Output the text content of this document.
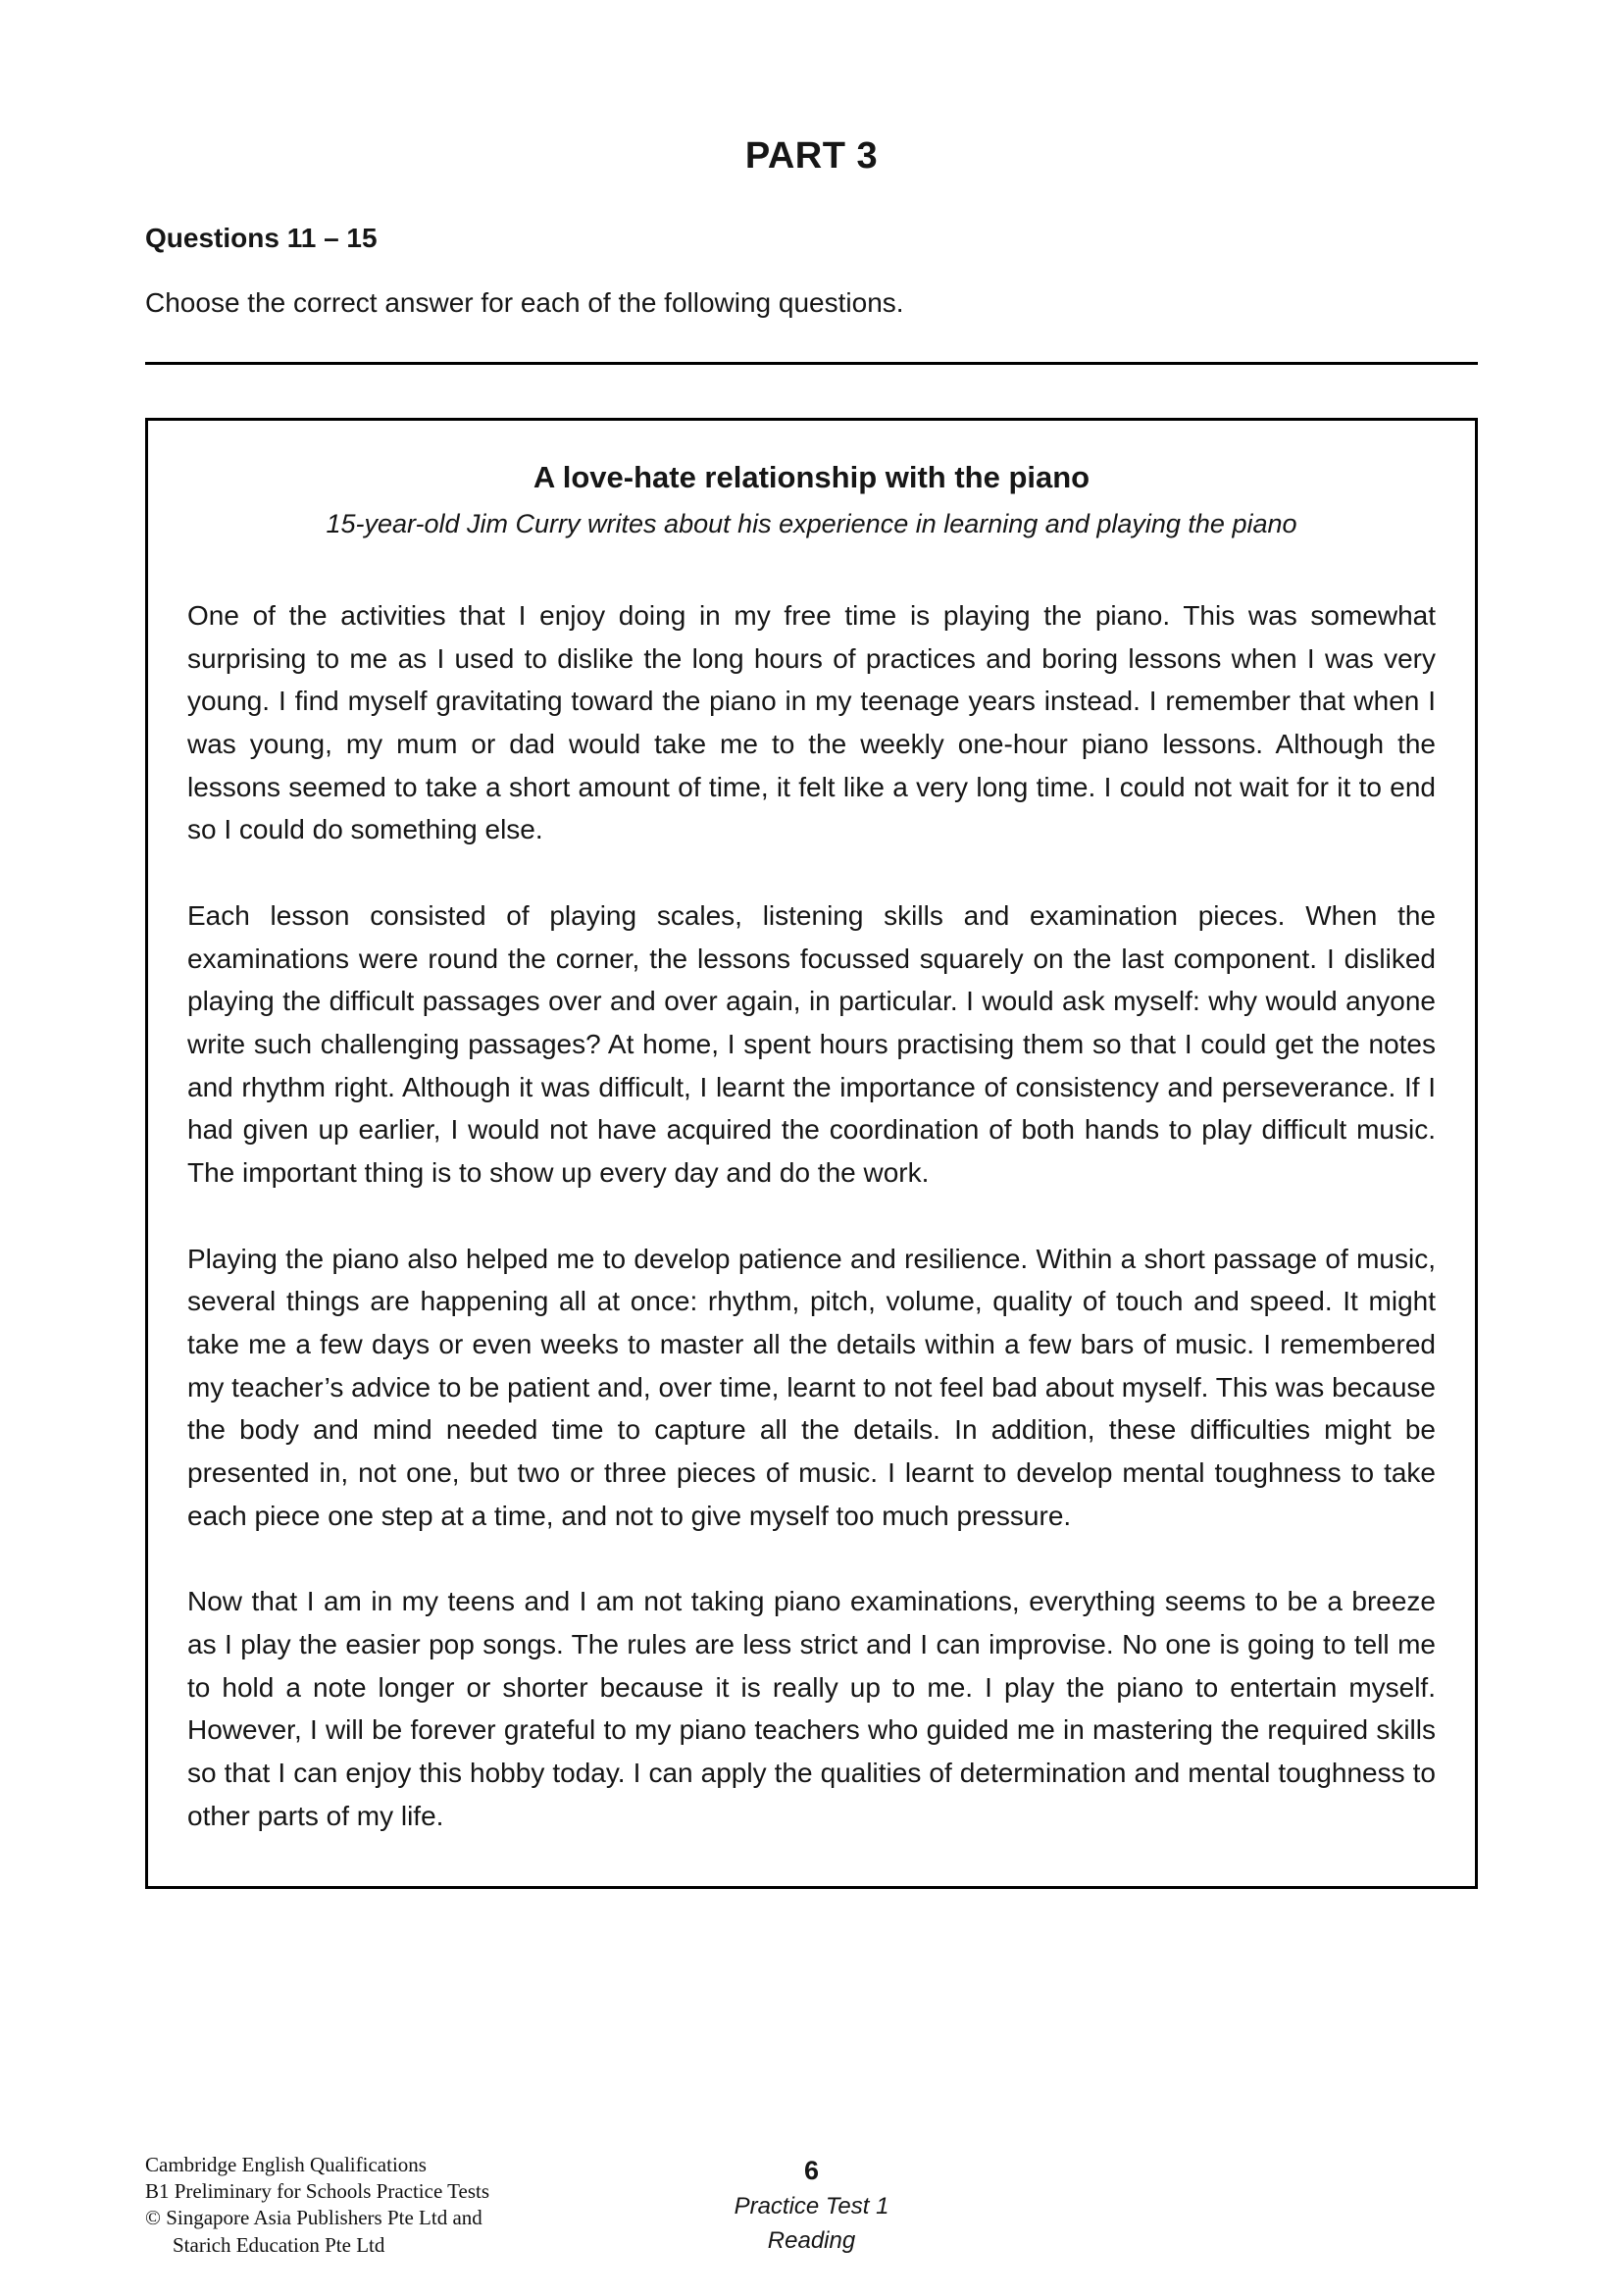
PART 3
Questions 11 – 15

Choose the correct answer for each of the following questions.

A love-hate relationship with the piano

15-year-old Jim Curry writes about his experience in learning and playing the piano

One of the activities that I enjoy doing in my free time is playing the piano. This was somewhat surprising to me as I used to dislike the long hours of practices and boring lessons when I was very young. I find myself gravitating toward the piano in my teenage years instead. I remember that when I was young, my mum or dad would take me to the weekly one-hour piano lessons. Although the lessons seemed to take a short amount of time, it felt like a very long time. I could not wait for it to end so I could do something else.

Each lesson consisted of playing scales, listening skills and examination pieces. When the examinations were round the corner, the lessons focussed squarely on the last component. I disliked playing the difficult passages over and over again, in particular. I would ask myself: why would anyone write such challenging passages? At home, I spent hours practising them so that I could get the notes and rhythm right. Although it was difficult, I learnt the importance of consistency and perseverance. If I had given up earlier, I would not have acquired the coordination of both hands to play difficult music. The important thing is to show up every day and do the work.

Playing the piano also helped me to develop patience and resilience. Within a short passage of music, several things are happening all at once: rhythm, pitch, volume, quality of touch and speed. It might take me a few days or even weeks to master all the details within a few bars of music. I remembered my teacher’s advice to be patient and, over time, learnt to not feel bad about myself. This was because the body and mind needed time to capture all the details. In addition, these difficulties might be presented in, not one, but two or three pieces of music. I learnt to develop mental toughness to take each piece one step at a time, and not to give myself too much pressure.

Now that I am in my teens and I am not taking piano examinations, everything seems to be a breeze as I play the easier pop songs. The rules are less strict and I can improvise. No one is going to tell me to hold a note longer or shorter because it is really up to me. I play the piano to entertain myself. However, I will be forever grateful to my piano teachers who guided me in mastering the required skills so that I can enjoy this hobby today. I can apply the qualities of determination and mental toughness to other parts of my life.

Cambridge English Qualifications
B1 Preliminary for Schools Practice Tests
© Singapore Asia Publishers Pte Ltd and
Starich Education Pte Ltd
6
Practice Test 1
Reading
